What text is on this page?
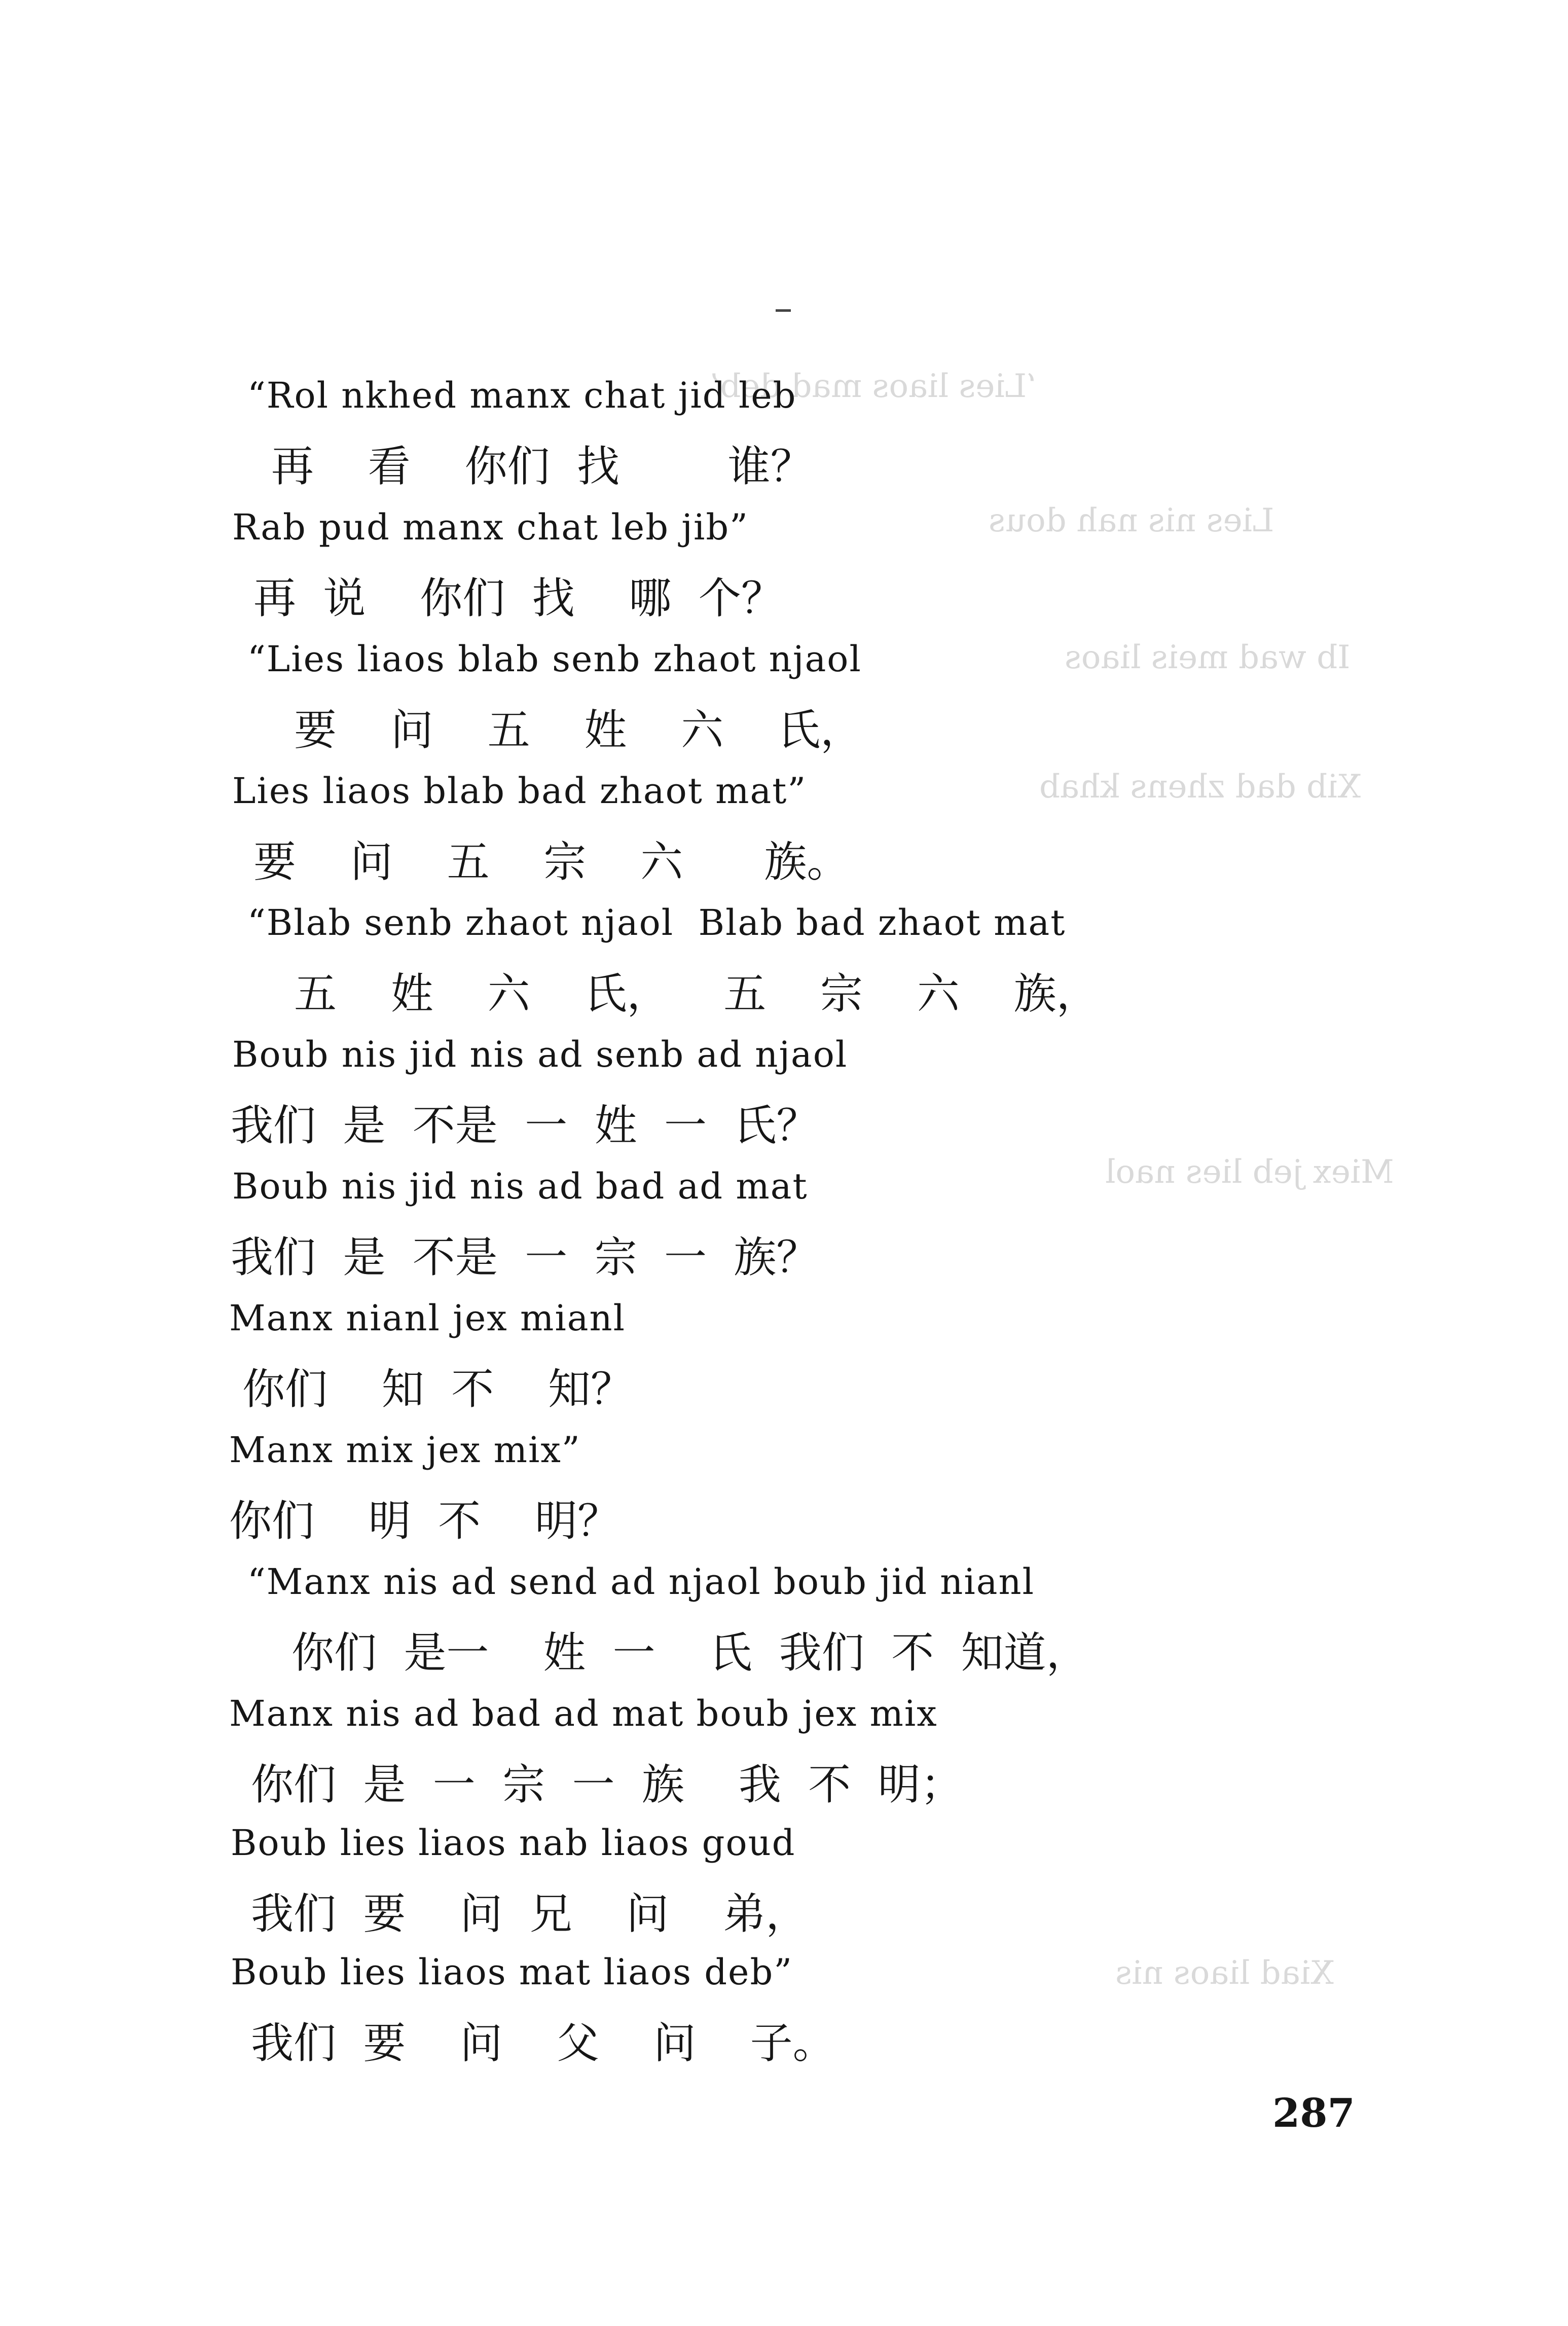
‘Lies liaos mad deb’
Lies nis nah dous
Ib wad meis liaos
Xib dad zhens khab
Miex jeb lies naol
Xiad liaos nis
“Rol nkhed manx chat jid leb
再    看    你们  找        谁？
Rab pud manx chat leb jib”
再  说    你们  找    哪  个？
“Lies liaos blab senb zhaot njaol
要    问    五    姓    六    氏，
Lies liaos blab bad zhaot mat”
要    问    五    宗    六      族。
“Blab senb zhaot njaol  Blab bad zhaot mat
五    姓    六    氏，    五    宗    六    族，
Boub nis jid nis ad senb ad njaol
我们  是  不是  一  姓  一  氏？
Boub nis jid nis ad bad ad mat
我们  是  不是  一  宗  一  族？
Manx nianl jex mianl
你们    知  不    知？
Manx mix jex mix”
你们    明  不    明？
“Manx nis ad send ad njaol boub jid nianl
你们  是一    姓  一    氏  我们  不  知道，
Manx nis ad bad ad mat boub jex mix
你们  是  一  宗  一  族    我  不  明；
Boub lies liaos nab liaos goud
我们  要    问  兄    问    弟，
Boub lies liaos mat liaos deb”
我们  要    问    父    问    子。
287
